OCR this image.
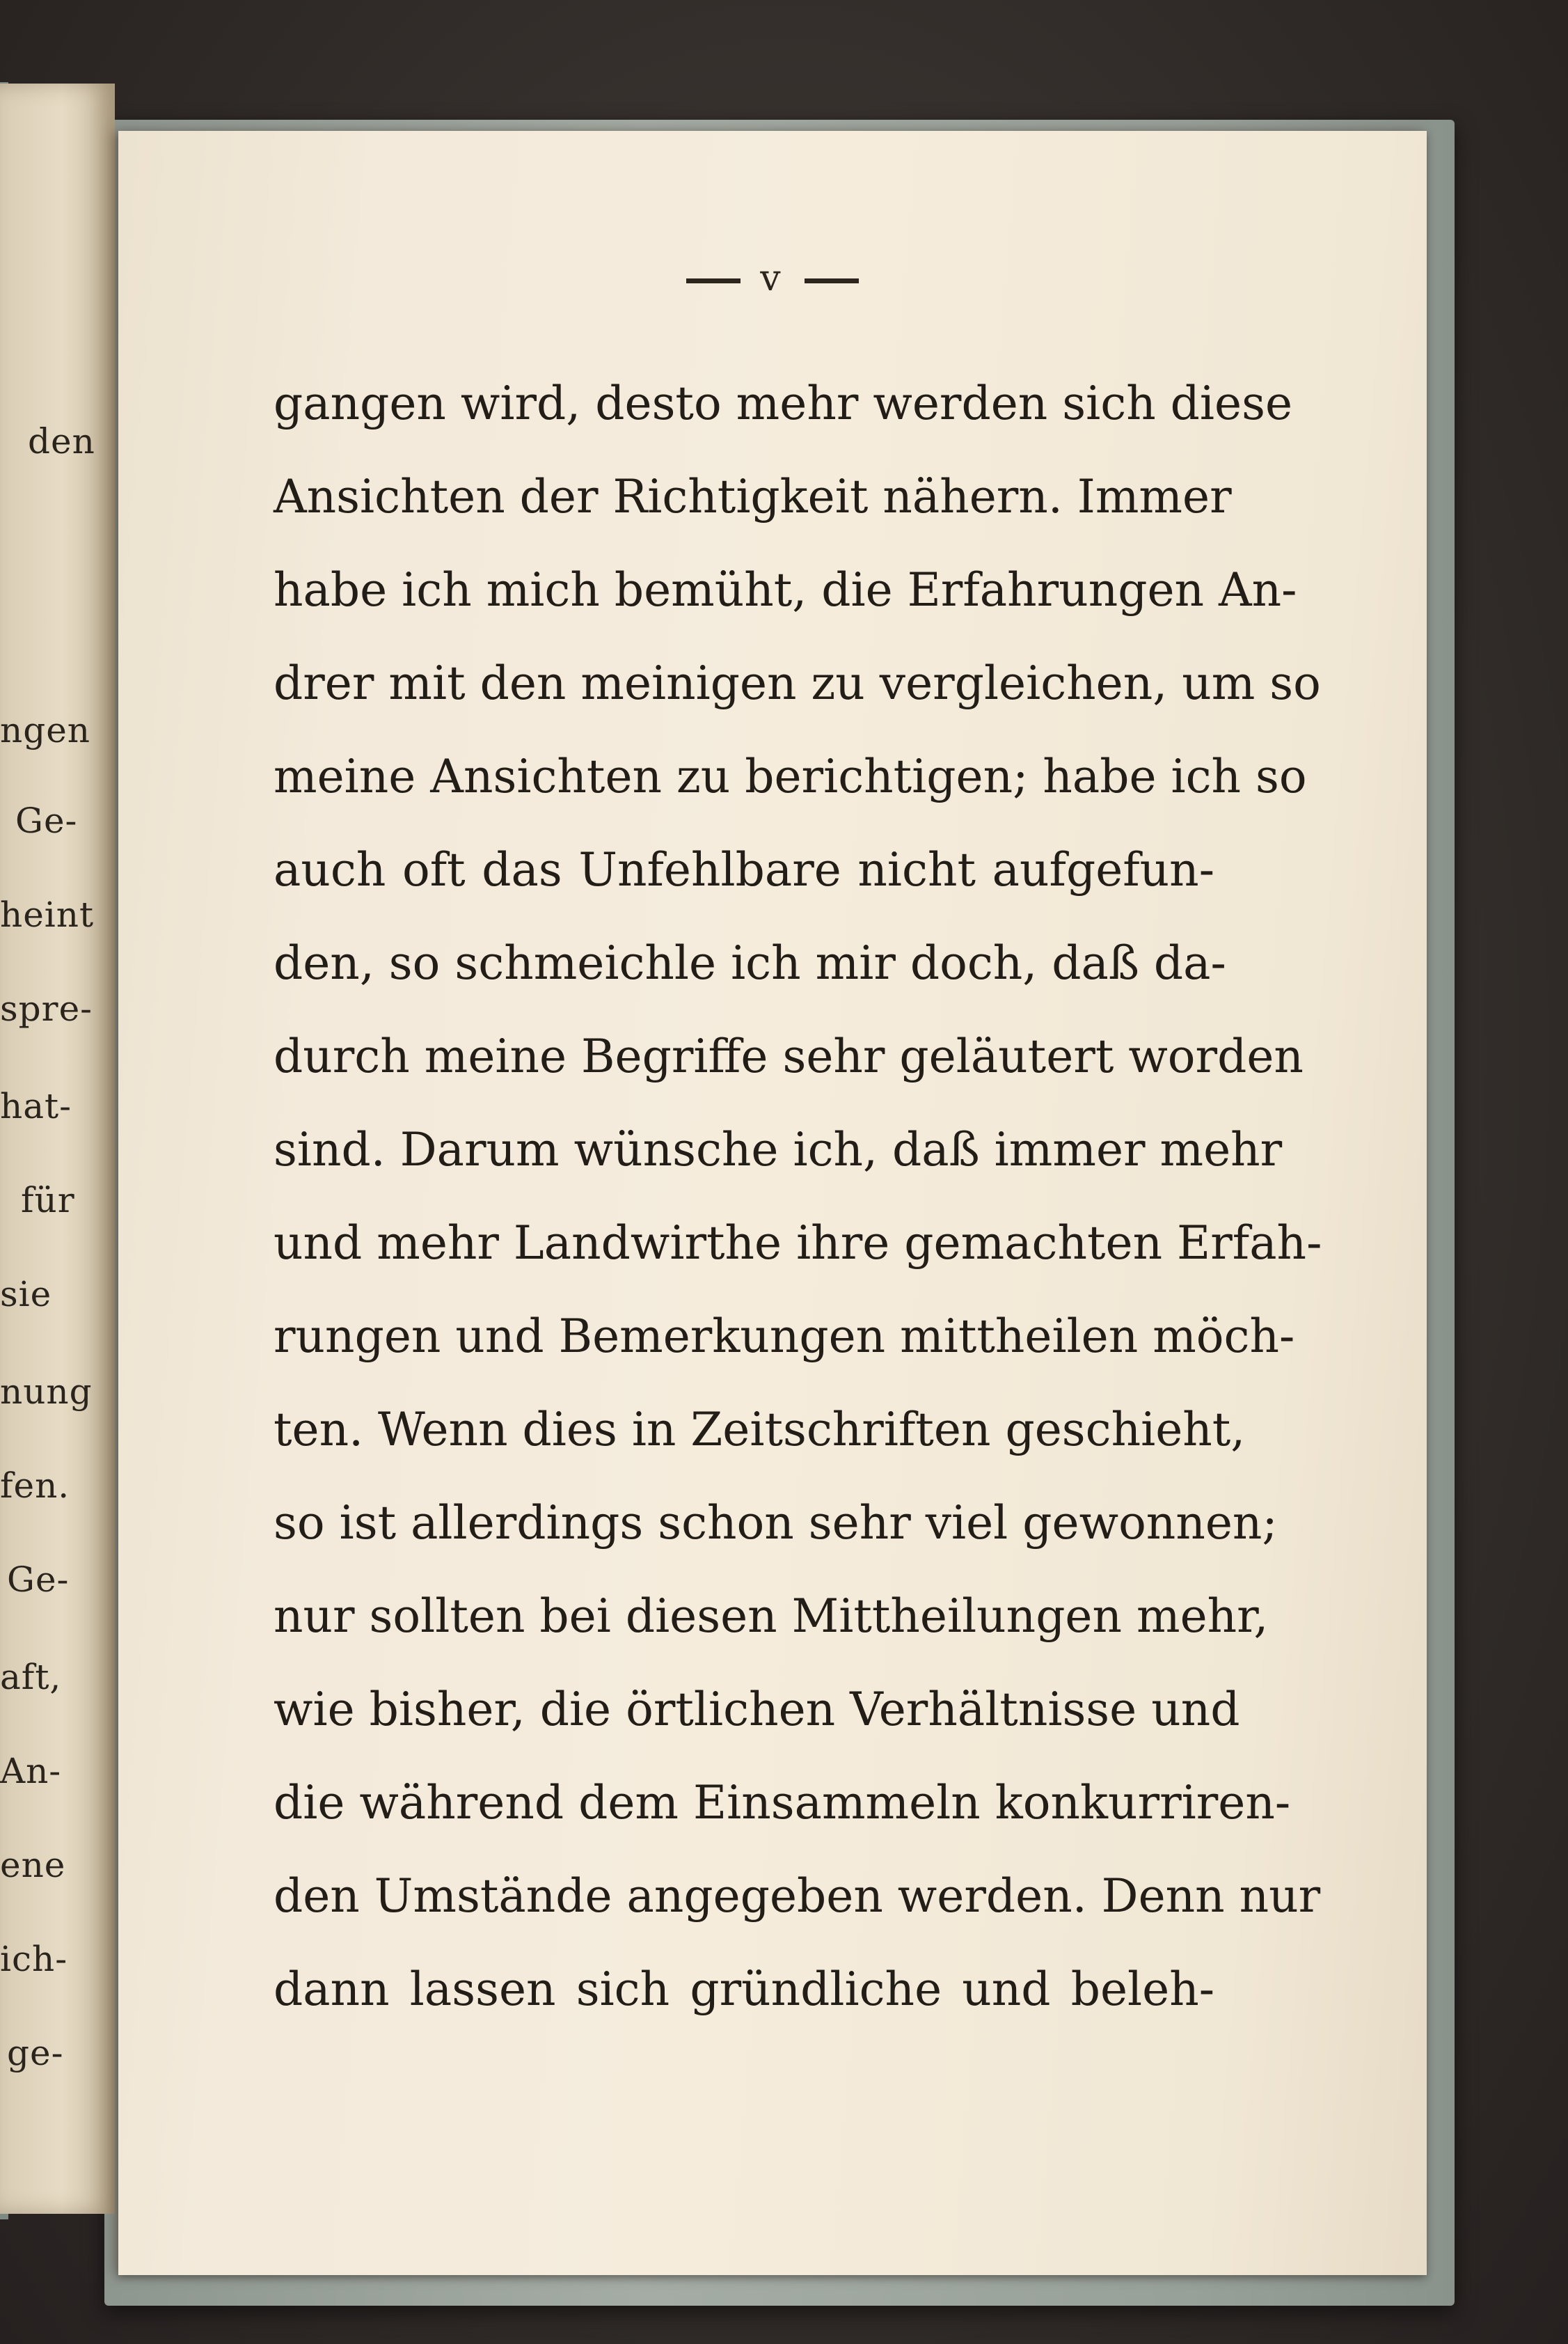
den
ngen
Ge-
heint
spre-
hat-
für
sie
nung
fen.
Ge-
aft,
An-
ene
ich-
ge-
v
gangen wird, desto mehr werden sich diese
Ansichten der Richtigkeit nähern. Immer
habe ich mich bemüht, die Erfahrungen An-
drer mit den meinigen zu vergleichen, um so
meine Ansichten zu berichtigen; habe ich so
auch oft das Unfehlbare nicht aufgefun-
den, so schmeichle ich mir doch, daß da-
durch meine Begriffe sehr geläutert worden
sind. Darum wünsche ich, daß immer mehr
und mehr Landwirthe ihre gemachten Erfah-
rungen und Bemerkungen mittheilen möch-
ten. Wenn dies in Zeitschriften geschieht,
so ist allerdings schon sehr viel gewonnen;
nur sollten bei diesen Mittheilungen mehr,
wie bisher, die örtlichen Verhältnisse und
die während dem Einsammeln konkurriren-
den Umstände angegeben werden. Denn nur
dann lassen sich gründliche und beleh-
